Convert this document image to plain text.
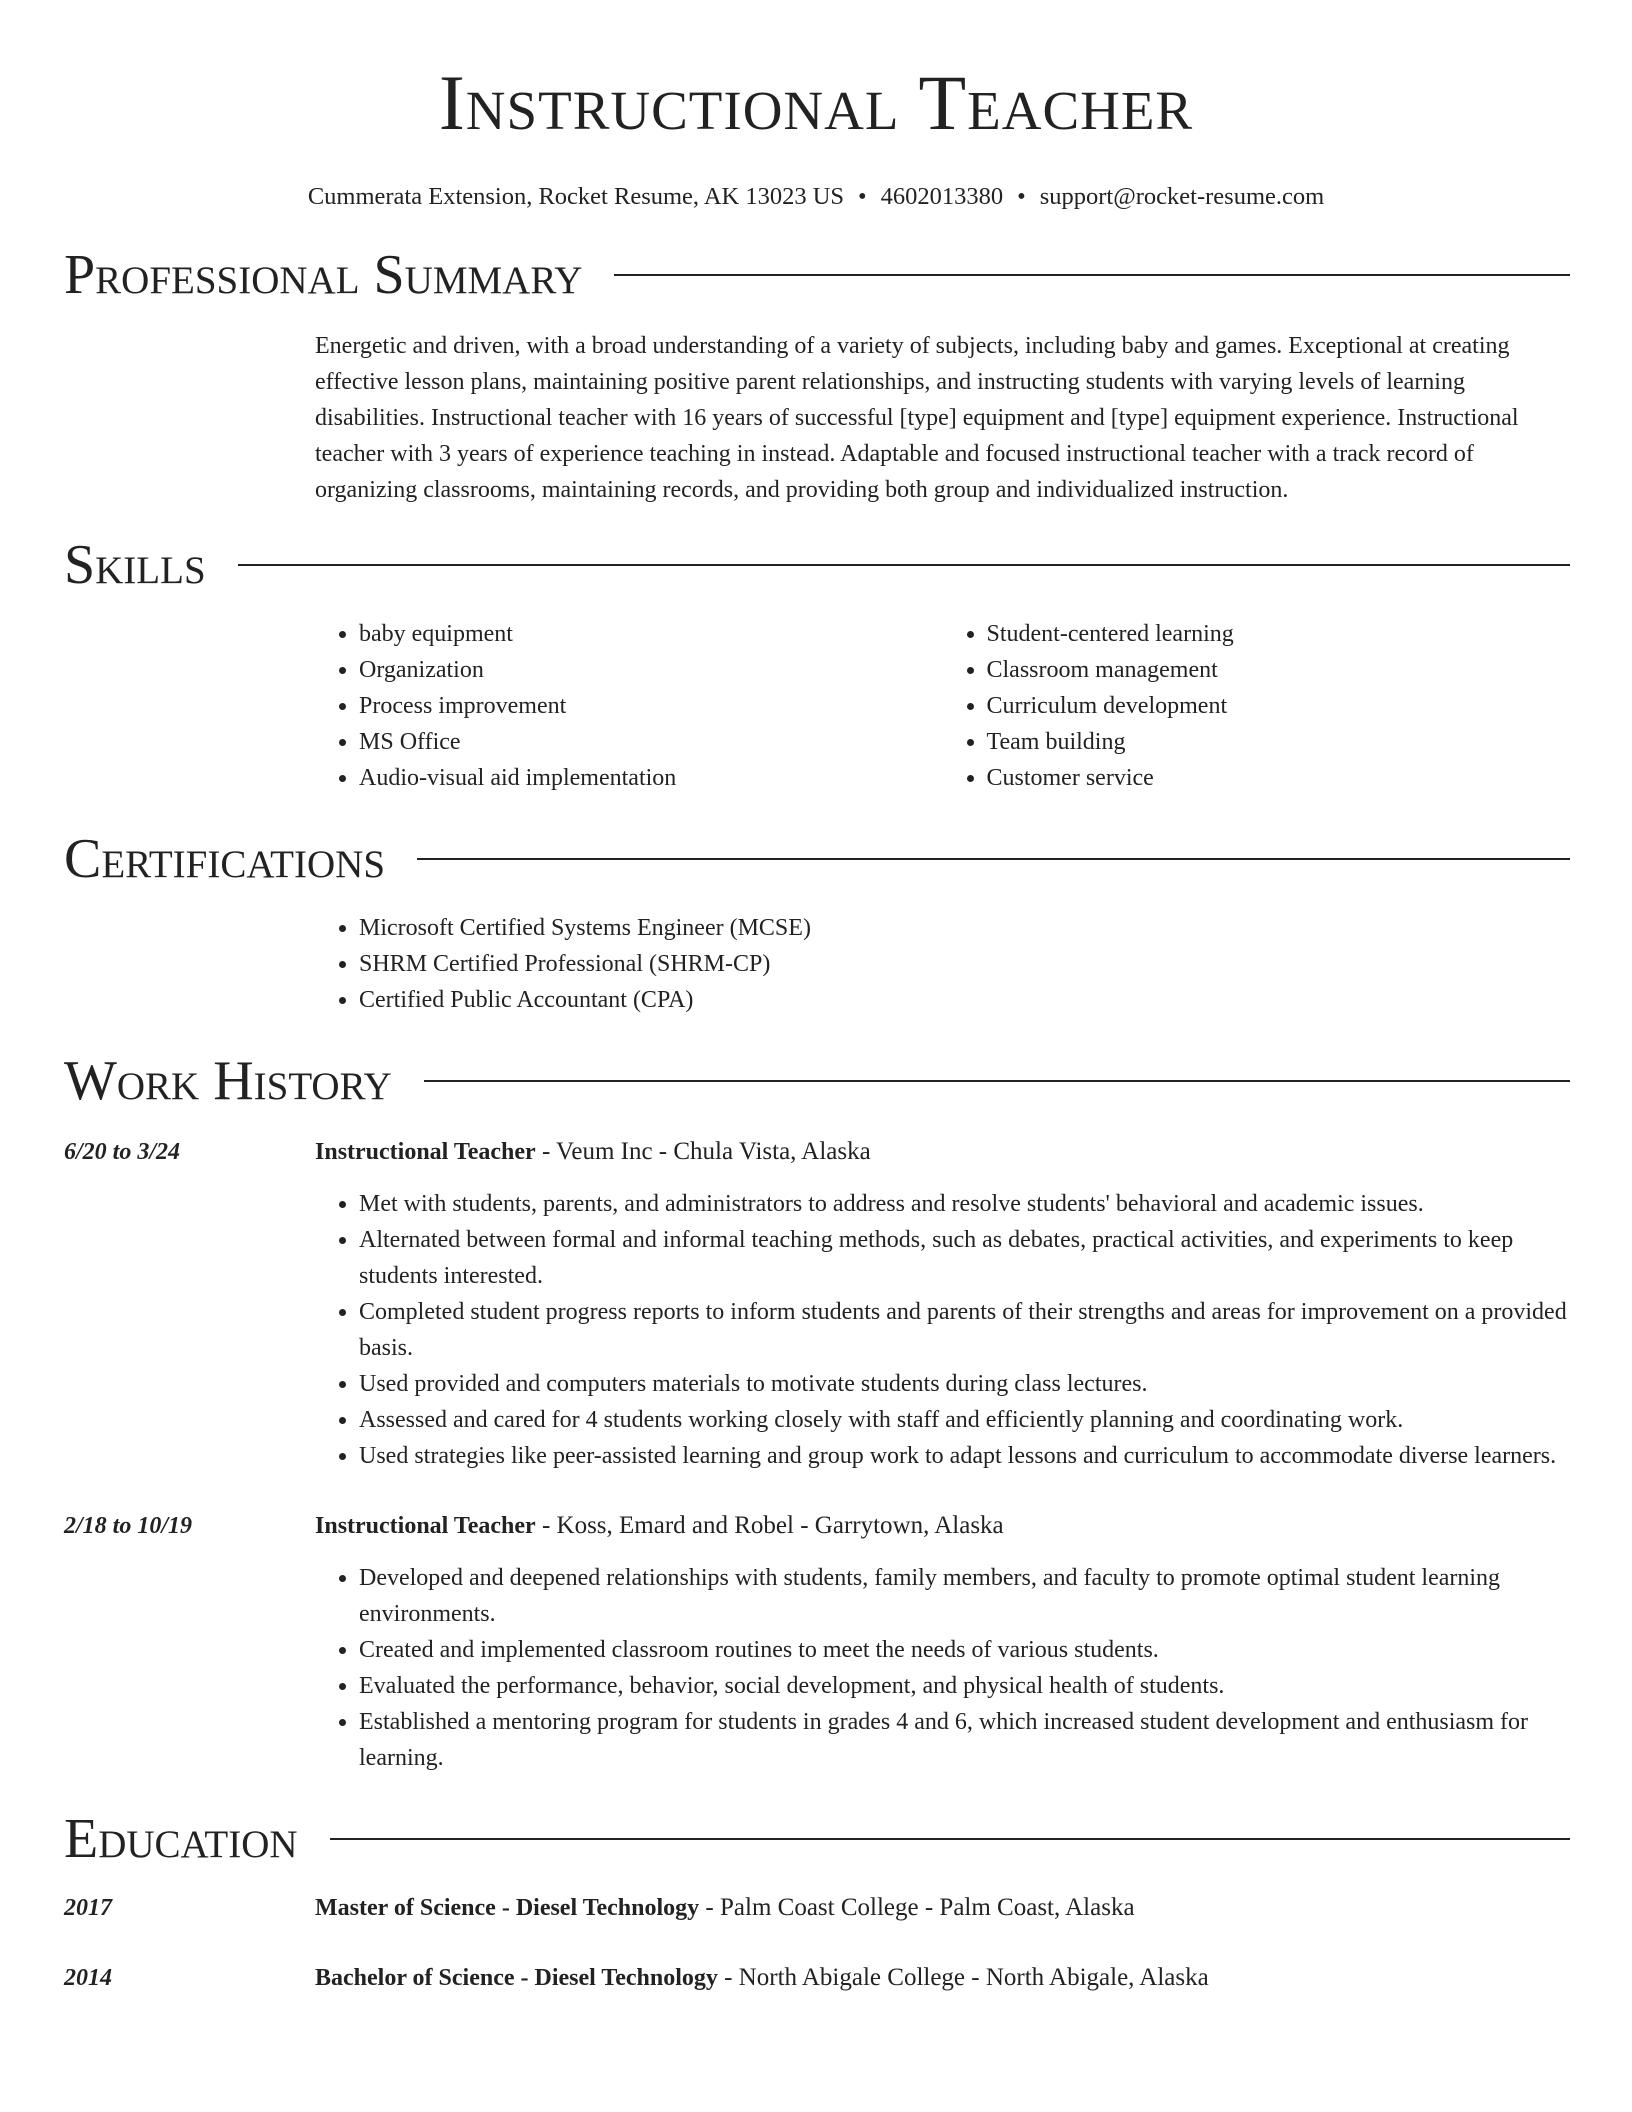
Instructional Teacher
Cummerata Extension, Rocket Resume, AK 13023 US • 4602013380 • support@rocket-resume.com
Professional Summary
Energetic and driven, with a broad understanding of a variety of subjects, including baby and games. Exceptional at creating effective lesson plans, maintaining positive parent relationships, and instructing students with varying levels of learning disabilities. Instructional teacher with 16 years of successful [type] equipment and [type] equipment experience. Instructional teacher with 3 years of experience teaching in instead. Adaptable and focused instructional teacher with a track record of organizing classrooms, maintaining records, and providing both group and individualized instruction.
Skills
• baby equipment
• Organization
• Process improvement
• MS Office
• Audio-visual aid implementation
• Student-centered learning
• Classroom management
• Curriculum development
• Team building
• Customer service
Certifications
• Microsoft Certified Systems Engineer (MCSE)
• SHRM Certified Professional (SHRM-CP)
• Certified Public Accountant (CPA)
Work History
6/20 to 3/24	Instructional Teacher - Veum Inc - Chula Vista, Alaska
• Met with students, parents, and administrators to address and resolve students' behavioral and academic issues.
• Alternated between formal and informal teaching methods, such as debates, practical activities, and experiments to keep students interested.
• Completed student progress reports to inform students and parents of their strengths and areas for improvement on a provided basis.
• Used provided and computers materials to motivate students during class lectures.
• Assessed and cared for 4 students working closely with staff and efficiently planning and coordinating work.
• Used strategies like peer-assisted learning and group work to adapt lessons and curriculum to accommodate diverse learners.
2/18 to 10/19	Instructional Teacher - Koss, Emard and Robel - Garrytown, Alaska
• Developed and deepened relationships with students, family members, and faculty to promote optimal student learning environments.
• Created and implemented classroom routines to meet the needs of various students.
• Evaluated the performance, behavior, social development, and physical health of students.
• Established a mentoring program for students in grades 4 and 6, which increased student development and enthusiasm for learning.
Education
2017	Master of Science - Diesel Technology - Palm Coast College - Palm Coast, Alaska
2014	Bachelor of Science - Diesel Technology - North Abigale College - North Abigale, Alaska
